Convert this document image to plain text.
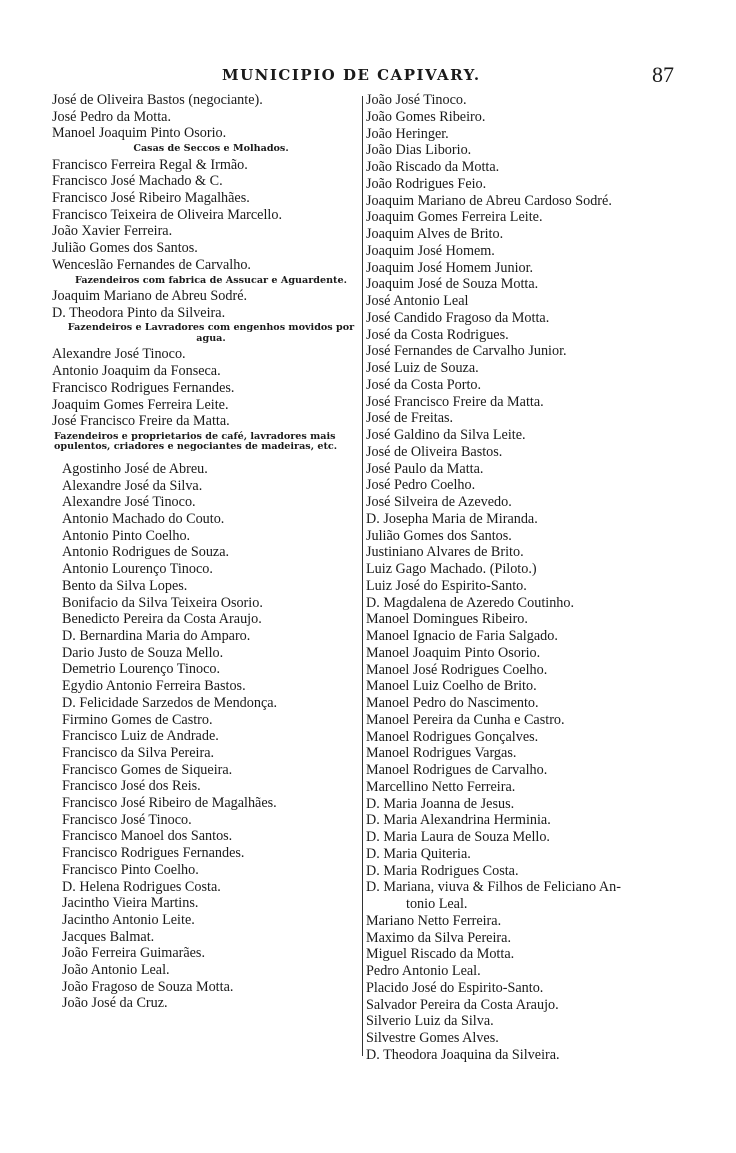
MUNICIPIO DE CAPIVARY.	87
José de Oliveira Bastos (negociante).
José Pedro da Motta.
Manoel Joaquim Pinto Osorio.
Casas de Seccos e Molhados.
Francisco Ferreira Regal & Irmão.
Francisco José Machado & C.
Francisco José Ribeiro Magalhães.
Francisco Teixeira de Oliveira Marcello.
João Xavier Ferreira.
Julião Gomes dos Santos.
Wenceslão Fernandes de Carvalho.
Fazendeiros com fabrica de Assucar e Aguardente.
Joaquim Mariano de Abreu Sodré.
D. Theodora Pinto da Silveira.
Fazendeiros e Lavradores com engenhos movidos por agua.
Alexandre José Tinoco.
Antonio Joaquim da Fonseca.
Francisco Rodrigues Fernandes.
Joaquim Gomes Ferreira Leite.
José Francisco Freire da Matta.
Fazendeiros e proprietarios de café, lavradores mais opulentos, criadores e negociantes de madeiras, etc.
Agostinho José de Abreu.
Alexandre José da Silva.
Alexandre José Tinoco.
Antonio Machado do Couto.
Antonio Pinto Coelho.
Antonio Rodrigues de Souza.
Antonio Lourenço Tinoco.
Bento da Silva Lopes.
Bonifacio da Silva Teixeira Osorio.
Benedicto Pereira da Costa Araujo.
D. Bernardina Maria do Amparo.
Dario Justo de Souza Mello.
Demetrio Lourenço Tinoco.
Egydio Antonio Ferreira Bastos.
D. Felicidade Sarzedos de Mendonça.
Firmino Gomes de Castro.
Francisco Luiz de Andrade.
Francisco da Silva Pereira.
Francisco Gomes de Siqueira.
Francisco José dos Reis.
Francisco José Ribeiro de Magalhães.
Francisco José Tinoco.
Francisco Manoel dos Santos.
Francisco Rodrigues Fernandes.
Francisco Pinto Coelho.
D. Helena Rodrigues Costa.
Jacintho Vieira Martins.
Jacintho Antonio Leite.
Jacques Balmat.
João Ferreira Guimarães.
João Antonio Leal.
João Fragoso de Souza Motta.
João José da Cruz.
João José Tinoco.
João Gomes Ribeiro.
João Heringer.
João Dias Liborio.
João Riscado da Motta.
João Rodrigues Feio.
Joaquim Mariano de Abreu Cardoso Sodré.
Joaquim Gomes Ferreira Leite.
Joaquim Alves de Brito.
Joaquim José Homem.
Joaquim José Homem Junior.
Joaquim José de Souza Motta.
José Antonio Leal
José Candido Fragoso da Motta.
José da Costa Rodrigues.
José Fernandes de Carvalho Junior.
José Luiz de Souza.
José da Costa Porto.
José Francisco Freire da Matta.
José de Freitas.
José Galdino da Silva Leite.
José de Oliveira Bastos.
José Paulo da Matta.
José Pedro Coelho.
José Silveira de Azevedo.
D. Josepha Maria de Miranda.
Julião Gomes dos Santos.
Justiniano Alvares de Brito.
Luiz Gago Machado. (Piloto.)
Luiz José do Espirito-Santo.
D. Magdalena de Azeredo Coutinho.
Manoel Domingues Ribeiro.
Manoel Ignacio de Faria Salgado.
Manoel Joaquim Pinto Osorio.
Manoel José Rodrigues Coelho.
Manoel Luiz Coelho de Brito.
Manoel Pedro do Nascimento.
Manoel Pereira da Cunha e Castro.
Manoel Rodrigues Gonçalves.
Manoel Rodrigues Vargas.
Manoel Rodrigues de Carvalho.
Marcellino Netto Ferreira.
D. Maria Joanna de Jesus.
D. Maria Alexandrina Herminia.
D. Maria Laura de Souza Mello.
D. Maria Quiteria.
D. Maria Rodrigues Costa.
D. Mariana, viuva & Filhos de Feliciano An-
tonio Leal.
Mariano Netto Ferreira.
Maximo da Silva Pereira.
Miguel Riscado da Motta.
Pedro Antonio Leal.
Placido José do Espirito-Santo.
Salvador Pereira da Costa Araujo.
Silverio Luiz da Silva.
Silvestre Gomes Alves.
D. Theodora Joaquina da Silveira.
